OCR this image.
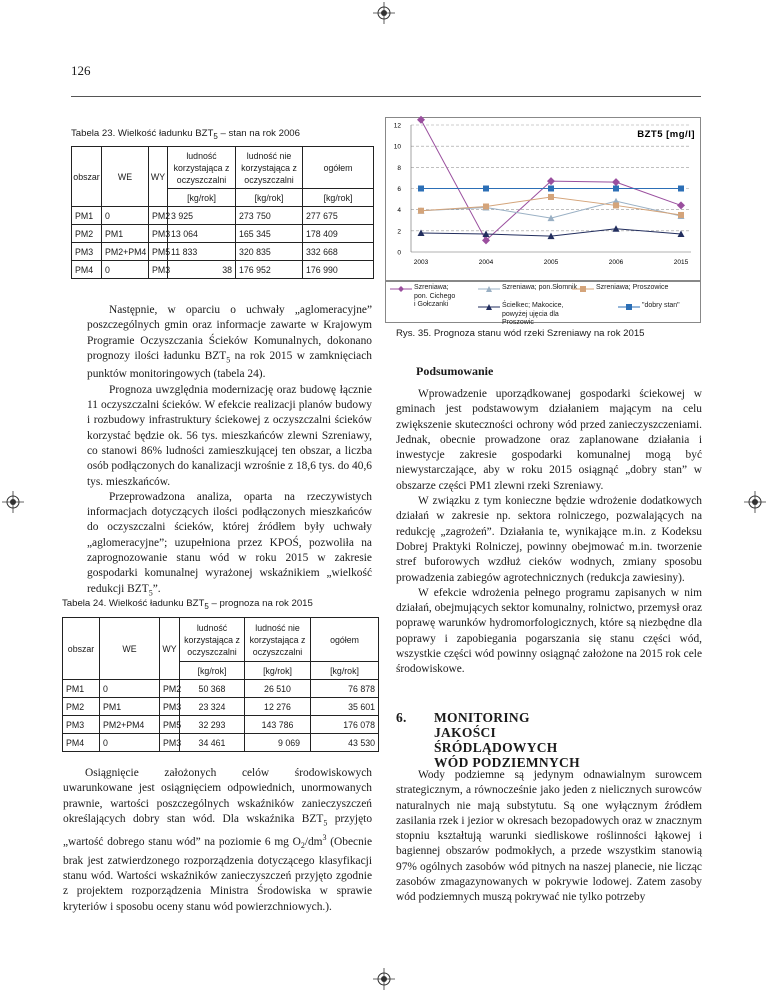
126
Tabela 23. Wielkość ładunku $BZT_5$ – stan na rok 2006
obszar	WE	WY	ludność korzystająca z oczyszczalni	ludność nie korzystająca z oczyszczalni	ogółem
			[kg/rok]	[kg/rok]	[kg/rok]
PM1	0	PM2	3 925	273 750	277 675
PM2	PM1	PM3	13 064	165 345	178 409
PM3	PM2+PM4	PM5	11 833	320 835	332 668
PM4	0	PM3	38	176 952	176 990

Następnie, w oparciu o uchwały „aglomeracyjne” poszczególnych gmin oraz informacje zawarte w Krajowym Programie Oczyszczania Ścieków Komunalnych, dokonano prognozy ilości ładunku $BZT_5$ na rok 2015 w zamknięciach punktów monitoringowych (tabela 24).

Prognoza uwzględnia modernizację oraz budowę łącznie 11 oczyszczalni ścieków. W efekcie realizacji planów budowy i rozbudowy infrastruktury ściekowej z oczyszczalni ścieków korzystać będzie ok. 56 tys. mieszkańców zlewni Szreniawy, co stanowi 86% ludności zamieszkującej ten obszar, a liczba osób podłączonych do kanalizacji wzrośnie z 18,6 tys. do 40,6 tys. mieszkańców.

Przeprowadzona analiza, oparta na rzeczywistych informacjach dotyczących ilości podłączonych mieszkańców do oczyszczalni ścieków, której źródłem były uchwały „aglomeracyjne”; uzupełniona przez KPOŚ, pozwoliła na zaprognozowanie stanu wód w roku 2015 w zakresie gospodarki komunalnej wyrażonej wskaźnikiem „wielkość redukcji $BZT_5$”.

Tabela 24. Wielkość ładunku $BZT_5$ – prognoza na rok 2015
obszar	WE	WY	ludność korzystająca z oczyszczalni	ludność nie korzystająca z oczyszczalni	ogółem
			[kg/rok]	[kg/rok]	[kg/rok]
PM1	0	PM2	50 368	26 510	76 878
PM2	PM1	PM3	23 324	12 276	35 601
PM3	PM2+PM4	PM5	32 293	143 786	176 078
PM4	0	PM3	34 461	9 069	43 530

Osiągnięcie założonych celów środowiskowych uwarunkowane jest osiągnięciem odpowiednich, unormowanych prawnie, wartości poszczególnych wskaźników zanieczyszczeń określających dobry stan wód. Dla wskaźnika $BZT_5$ przyjęto „wartość dobrego stanu wód” na poziomie 6 mg $O_2/dm^3$ (Obecnie brak jest zatwierdzonego rozporządzenia dotyczącego klasyfikacji stanu wód. Wartości wskaźników zanieczyszczeń przyjęto zgodnie z projektem rozporządzenia Ministra Środowiska w sprawie kryteriów i sposobu oceny stanu wód powierzchniowych.).

BZT5 [mg/l]
0
2
4
6
8
10
12
2003	2004	2005	2006	2015
Szreniawa; pon. Cichego i Gołczanki
Szreniawa; pon.Słomnik	Szreniawa; Proszowice
Ścielkec; Makocice, powyżej ujęcia dla Proszowic
"dobry stan"
Rys. 35. Prognoza stanu wód rzeki Szreniawy na rok 2015
Podsumowanie

Wprowadzenie uporządkowanej gospodarki ściekowej w gminach jest podstawowym działaniem mającym na celu zwiększenie skuteczności ochrony wód przed zanieczyszczeniami. Jednak, obecnie prowadzone oraz zaplanowane działania i inwestycje zakresie gospodarki komunalnej mogą być niewystarczające, aby w roku 2015 osiągnąć „dobry stan” w obszarze części PM1 zlewni rzeki Szreniawy.

W związku z tym konieczne będzie wdrożenie dodatkowych działań w zakresie np. sektora rolniczego, pozwalających na redukcję „zagrożeń”. Działania te, wynikające m.in. z Kodeksu Dobrej Praktyki Rolniczej, powinny obejmować m.in. tworzenie stref buforowych wzdłuż cieków wodnych, zmiany sposobu prowadzenia zabiegów agrotechnicznych (redukcja zawiesiny).

W efekcie wdrożenia pełnego programu zapisanych w nim działań, obejmujących sektor komunalny, rolnictwo, przemysł oraz poprawę warunków hydromorfologicznych, które są niezbędne dla poprawy i zapobiegania pogarszania się stanu części wód, wszystkie części wód powinny osiągnąć założone na 2015 rok cele środowiskowe.

6. MONITORING JAKOŚCI ŚRÓDLĄDOWYCH WÓD PODZIEMNYCH

Wody podziemne są jedynym odnawialnym surowcem strategicznym, a równocześnie jako jeden z nielicznych surowców naturalnych nie mają substytutu. Są one wyłącznym źródłem zasilania rzek i jezior w okresach bezopadowych oraz w znacznym stopniu kształtują warunki siedliskowe roślinności łąkowej i bagiennej obszarów podmokłych, a przede wszystkim stanowią 97% ogólnych zasobów wód pitnych na naszej planecie, nie licząc zasobów zmagazynowanych w pokrywie lodowej. Zatem zasoby wód podziemnych muszą pokrywać nie tylko potrzeby
